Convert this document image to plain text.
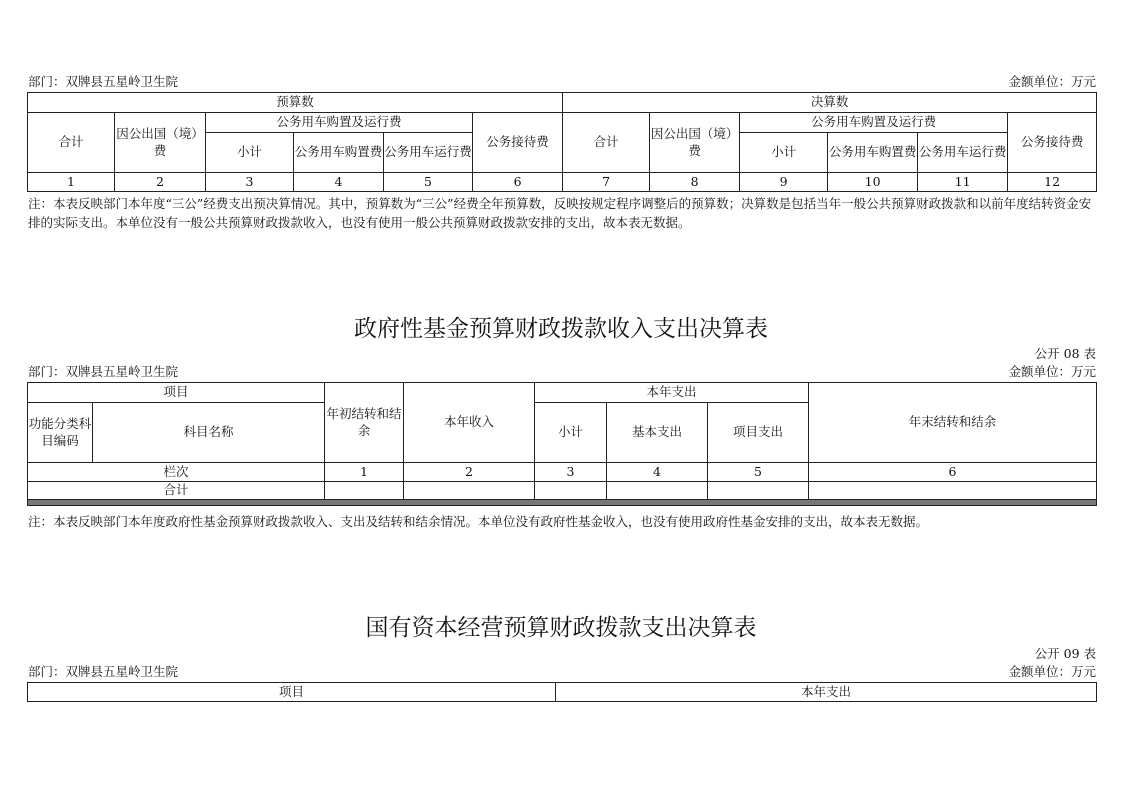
部门：双牌县五星岭卫生院	金额单位：万元
预算数						决算数					
合计	因公出国（境）费	公务用车购置及运行费			公务接待费	合计	因公出国（境）费	公务用车购置及运行费			公务接待费
		小计	公务用车购置费	公务用车运行费				小计	公务用车购置费	公务用车运行费	
1	2	3	4	5	6	7	8	9	10	11	12
注：本表反映部门本年度“三公”经费支出预决算情况。其中，预算数为“三公”经费全年预算数，反映按规定程序调整后的预算数；决算数是包括当年一般公共预算财政拨款和以前年度结转资金安排的实际支出。本单位没有一般公共预算财政拨款收入，也没有使用一般公共预算财政拨款安排的支出，故本表无数据。
政府性基金预算财政拨款收入支出决算表
公开 08 表
部门：双牌县五星岭卫生院	金额单位：万元
项目		年初结转和结余	本年收入	本年支出			年末结转和结余
功能分类科目编码	科目名称			小计	基本支出	项目支出	
栏次		1	2	3	4	5	6
合计							

注：本表反映部门本年度政府性基金预算财政拨款收入、支出及结转和结余情况。本单位没有政府性基金收入，也没有使用政府性基金安排的支出，故本表无数据。
国有资本经营预算财政拨款支出决算表
公开 09 表
部门：双牌县五星岭卫生院	金额单位：万元
项目	本年支出
